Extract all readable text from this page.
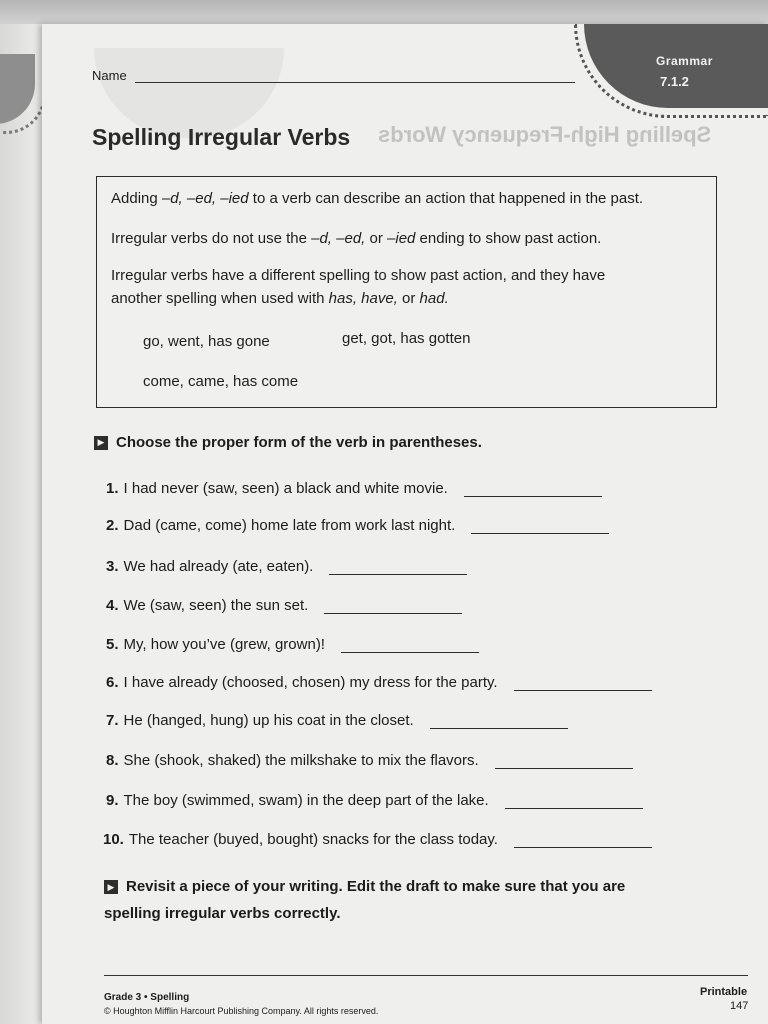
Grammar
7.1.2
Name
Spelling High-Frequency Words
Spelling Irregular Verbs
Adding –d, –ed, –ied to a verb can describe an action that happened in the past.
Irregular verbs do not use the –d, –ed, or –ied ending to show past action.
Irregular verbs have a different spelling to show past action, and they have
another spelling when used with has, have, or had.
go, went, has gone	get, got, has gotten
come, came, has come
▶ Choose the proper form of the verb in parentheses.
1. I had never (saw, seen) a black and white movie.
2. Dad (came, come) home late from work last night.
3. We had already (ate, eaten).
4. We (saw, seen) the sun set.
5. My, how you’ve (grew, grown)!
6. I have already (choosed, chosen) my dress for the party.
7. He (hanged, hung) up his coat in the closet.
8. She (shook, shaked) the milkshake to mix the flavors.
9. The boy (swimmed, swam) in the deep part of the lake.
10. The teacher (buyed, bought) snacks for the class today.
▶ Revisit a piece of your writing. Edit the draft to make sure that you are
spelling irregular verbs correctly.
Grade 3 • Spelling
© Houghton Mifflin Harcourt Publishing Company. All rights reserved.
Printable
147
